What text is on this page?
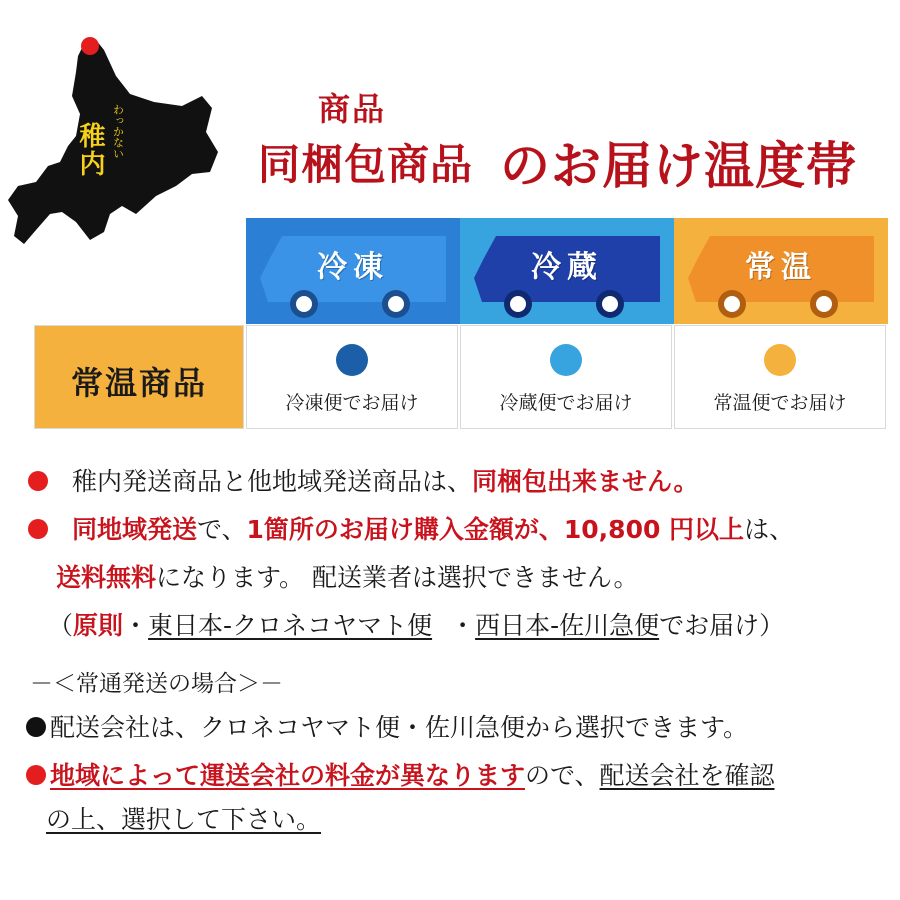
稚内 わっかない	商品
同梱包商品 のお届け温度帯
冷凍	冷蔵	常温
常温商品
冷凍便でお届け	冷蔵便でお届け	常温便でお届け
稚内発送商品と他地域発送商品は、同梱包出来ません。
同地域発送で、1箇所のお届け購入金額が、10,800 円以上は、
送料無料になります。 配送業者は選択できません。
（原則・東日本-クロネコヤマト便 ・西日本-佐川急便でお届け）
－＜常通発送の場合＞－
配送会社は、クロネコヤマト便・佐川急便から選択できます。
地域によって運送会社の料金が異なりますので、配送会社を確認
の上、選択して下さい。
